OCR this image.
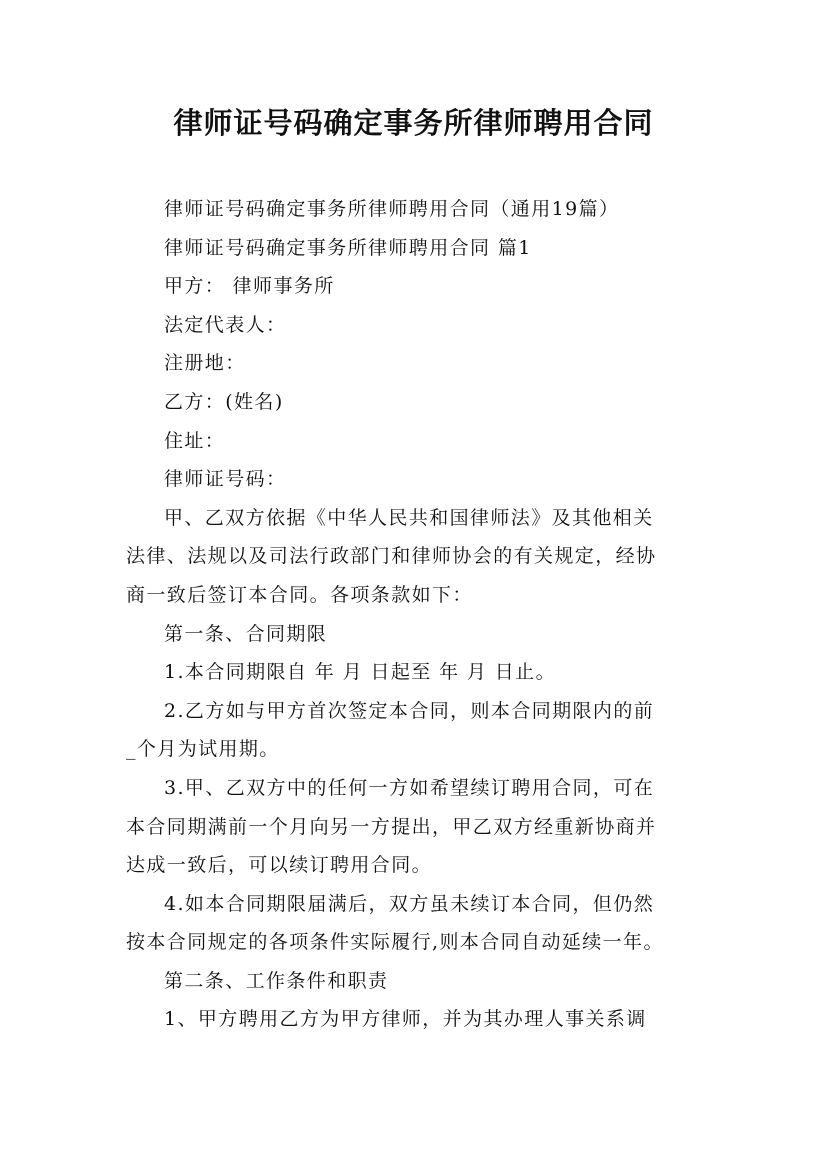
律师证号码确定事务所律师聘用合同

律师证号码确定事务所律师聘用合同（通用19篇）

律师证号码确定事务所律师聘用合同 篇1

甲方： 律师事务所

法定代表人：

注册地：

乙方：(姓名)

住址：

律师证号码：

甲、乙双方依据《中华人民共和国律师法》及其他相关

法律、法规以及司法行政部门和律师协会的有关规定，经协

商一致后签订本合同。各项条款如下：

第一条、合同期限

1.本合同期限自 年 月 日起至 年 月 日止。

2.乙方如与甲方首次签定本合同，则本合同期限内的前

_个月为试用期。

3.甲、乙双方中的任何一方如希望续订聘用合同，可在

本合同期满前一个月向另一方提出，甲乙双方经重新协商并

达成一致后，可以续订聘用合同。

4.如本合同期限届满后，双方虽未续订本合同，但仍然

按本合同规定的各项条件实际履行,则本合同自动延续一年。

第二条、工作条件和职责

1、甲方聘用乙方为甲方律师，并为其办理人事关系调
